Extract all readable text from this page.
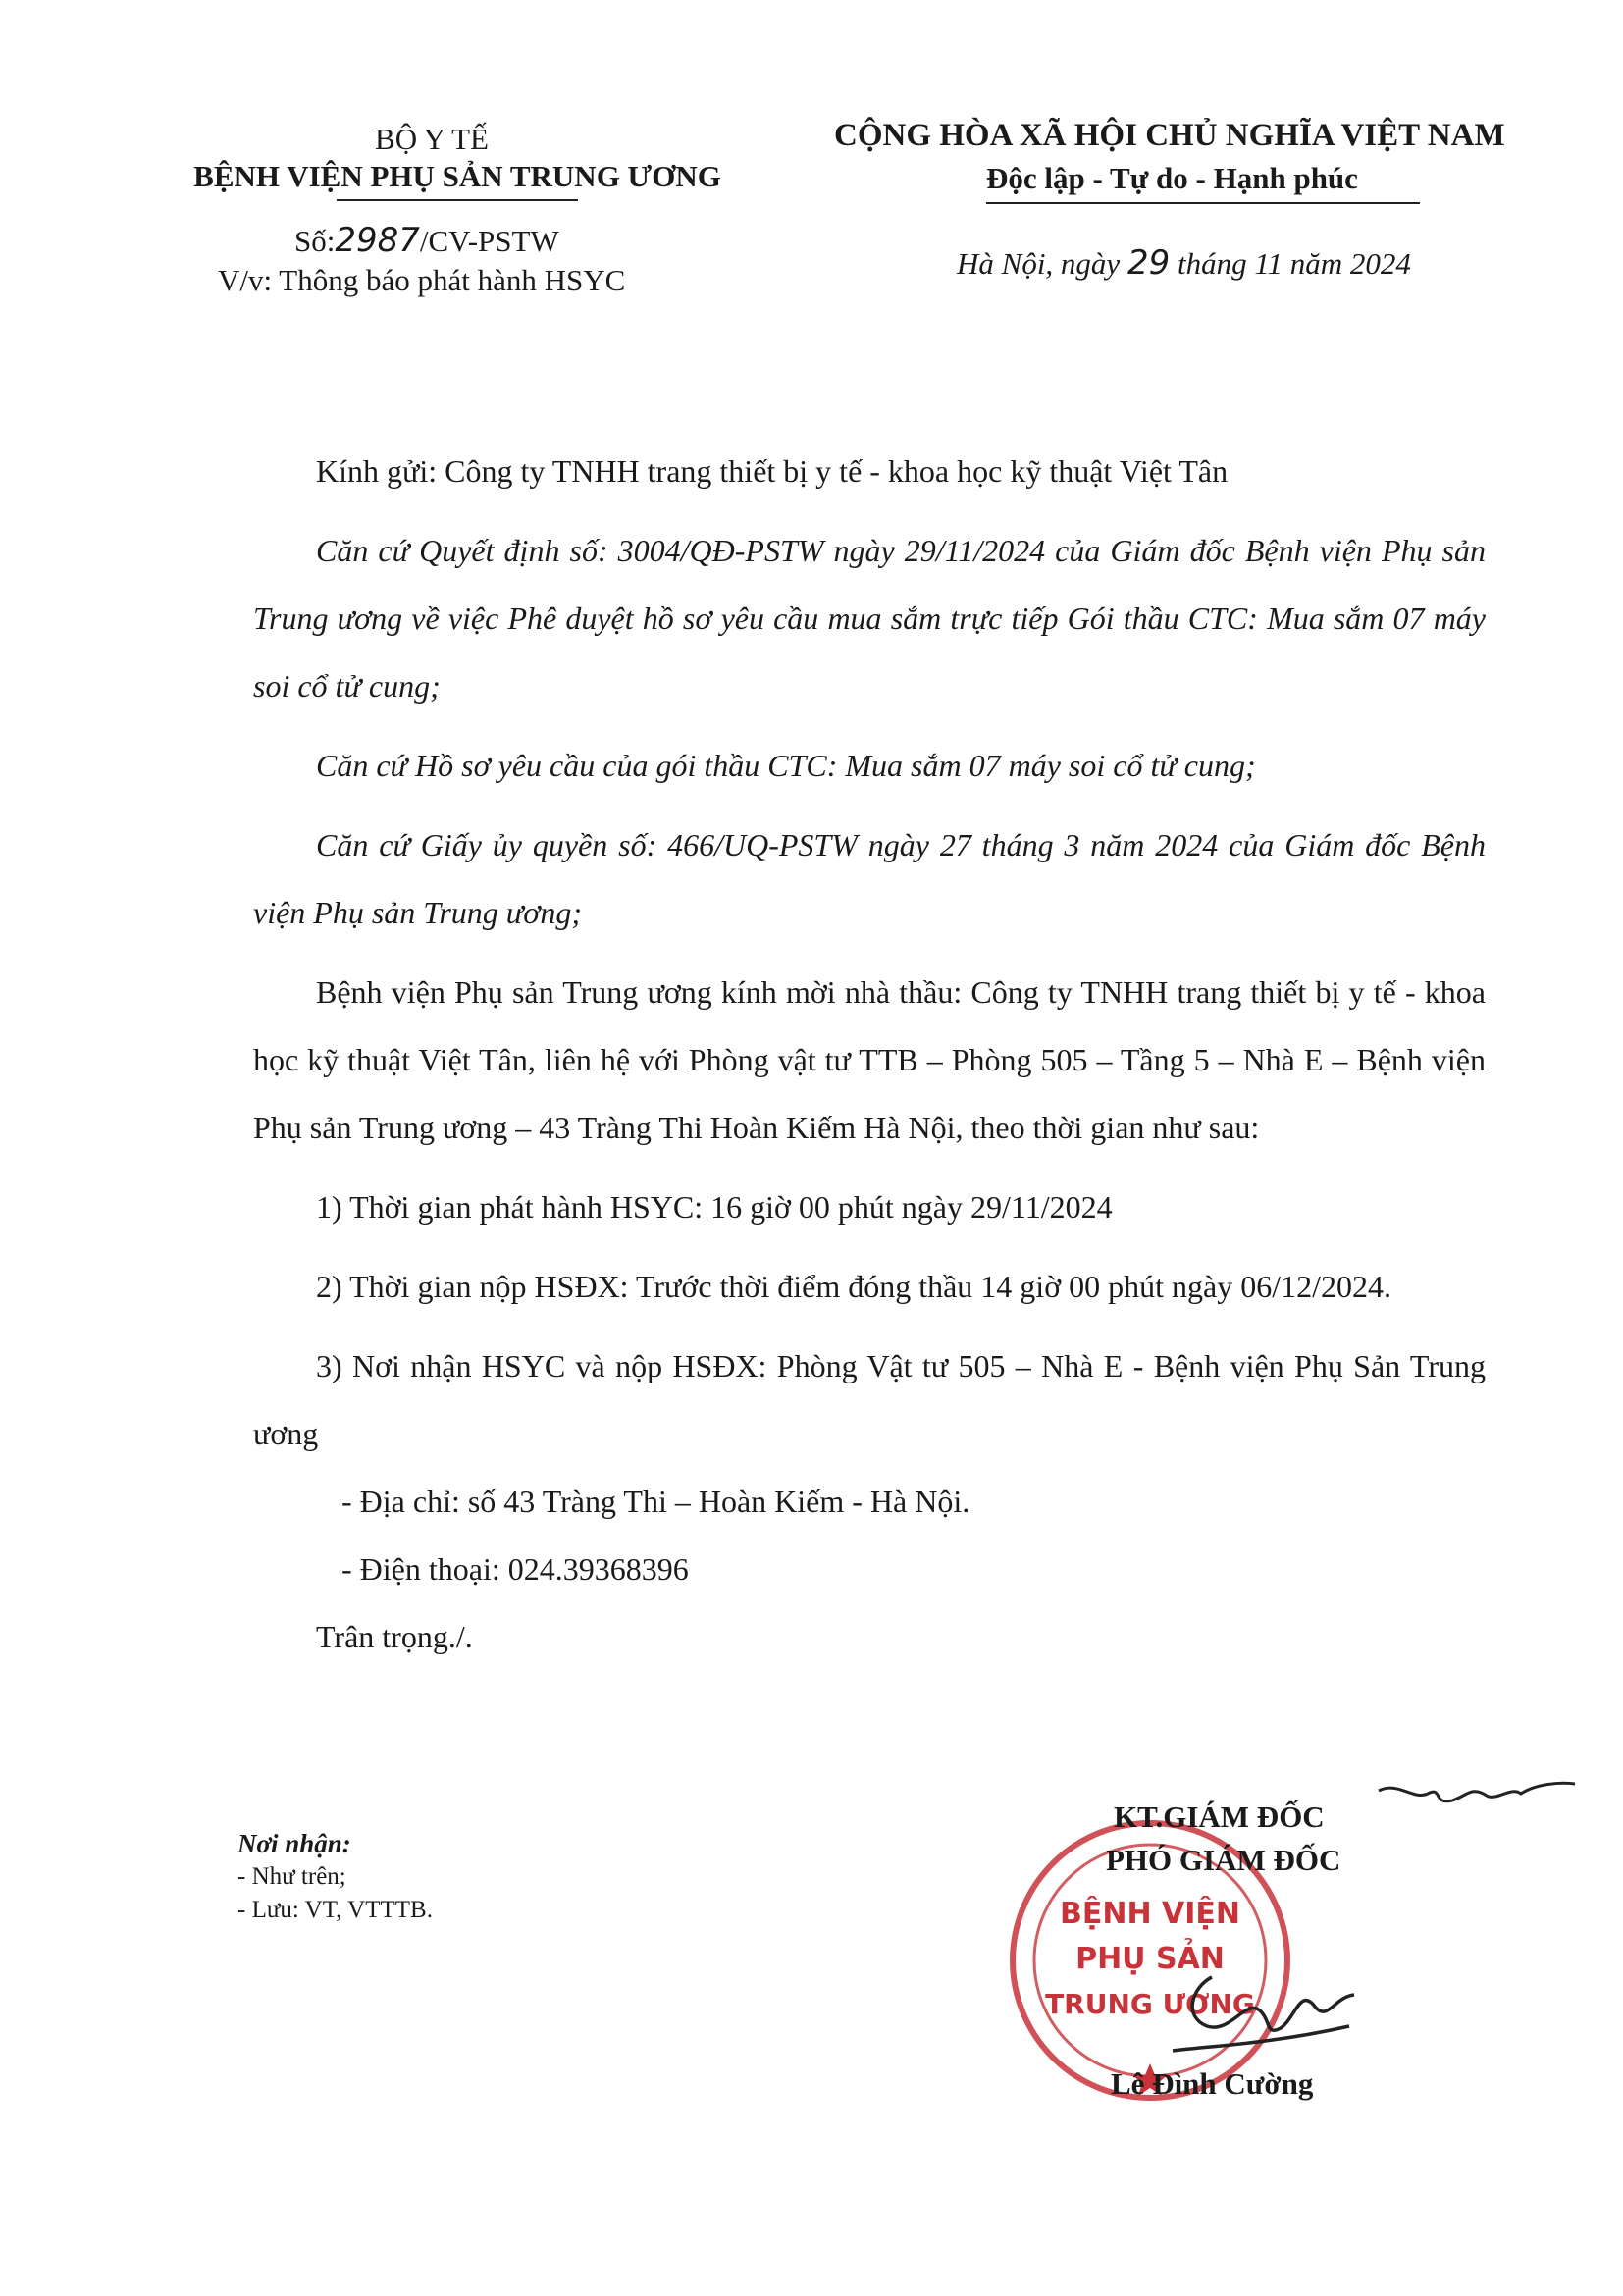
BỘ Y TẾ
BỆNH VIỆN PHỤ SẢN TRUNG ƯƠNG
Số:2987/CV-PSTW
V/v: Thông báo phát hành HSYC
CỘNG HÒA XÃ HỘI CHỦ NGHĨA VIỆT NAM
Độc lập - Tự do - Hạnh phúc
Hà Nội, ngày 29 tháng 11 năm 2024

Kính gửi: Công ty TNHH trang thiết bị y tế - khoa học kỹ thuật Việt Tân

Căn cứ Quyết định số: 3004/QĐ-PSTW ngày 29/11/2024 của Giám đốc Bệnh viện Phụ sản Trung ương về việc Phê duyệt hồ sơ yêu cầu mua sắm trực tiếp Gói thầu CTC: Mua sắm 07 máy soi cổ tử cung;

Căn cứ Hồ sơ yêu cầu của gói thầu CTC: Mua sắm 07 máy soi cổ tử cung;

Căn cứ Giấy ủy quyền số: 466/UQ-PSTW ngày 27 tháng 3 năm 2024 của Giám đốc Bệnh viện Phụ sản Trung ương;

Bệnh viện Phụ sản Trung ương kính mời nhà thầu: Công ty TNHH trang thiết bị y tế - khoa học kỹ thuật Việt Tân, liên hệ với Phòng vật tư TTB – Phòng 505 – Tầng 5 – Nhà E – Bệnh viện Phụ sản Trung ương – 43 Tràng Thi Hoàn Kiếm Hà Nội, theo thời gian như sau:

1) Thời gian phát hành HSYC: 16 giờ 00 phút ngày 29/11/2024

2) Thời gian nộp HSĐX: Trước thời điểm đóng thầu 14 giờ 00 phút ngày 06/12/2024.

3) Nơi nhận HSYC và nộp HSĐX: Phòng Vật tư 505 – Nhà E - Bệnh viện Phụ Sản Trung ương

- Địa chỉ: số 43 Tràng Thi – Hoàn Kiếm - Hà Nội.

- Điện thoại: 024.39368396

Trân trọng./.

Nơi nhận:
- Như trên;
- Lưu: VT, VTTTB.	BỆNH VIỆN
PHỤ SẢN
TRUNG ƯƠNG
KT.GIÁM ĐỐC
PHÓ GIÁM ĐỐC
Lê Đình Cường
